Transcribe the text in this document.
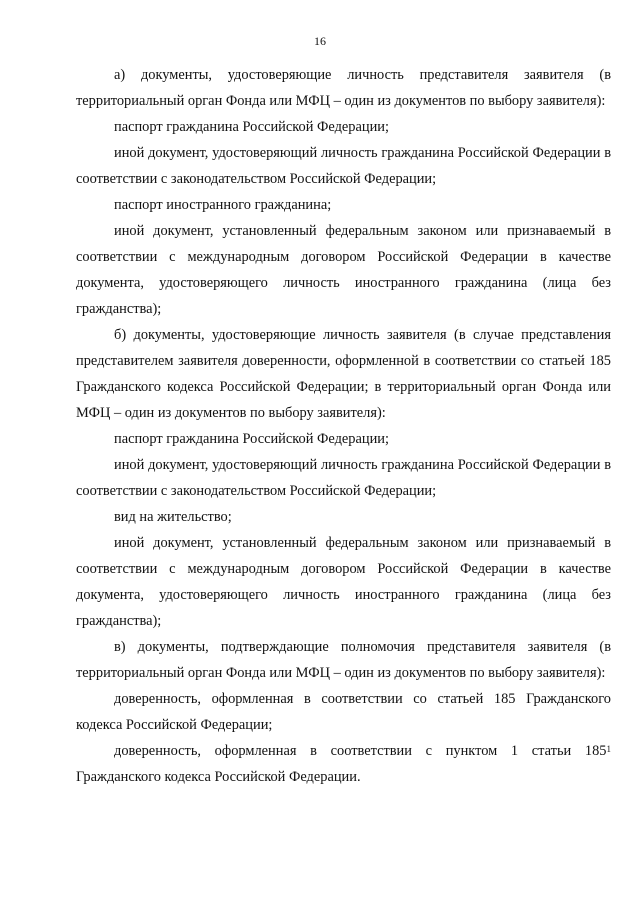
16

а) документы, удостоверяющие личность представителя заявителя (в территориальный орган Фонда или МФЦ – один из документов по выбору заявителя):

паспорт гражданина Российской Федерации;

иной документ, удостоверяющий личность гражданина Российской Федерации в соответствии с законодательством Российской Федерации;

паспорт иностранного гражданина;

иной документ, установленный федеральным законом или признаваемый в соответствии с международным договором Российской Федерации в качестве документа, удостоверяющего личность иностранного гражданина (лица без гражданства);

б) документы, удостоверяющие личность заявителя (в случае представления представителем заявителя доверенности, оформленной в соответствии со статьей 185 Гражданского кодекса Российской Федерации; в территориальный орган Фонда или МФЦ – один из документов по выбору заявителя):

паспорт гражданина Российской Федерации;

иной документ, удостоверяющий личность гражданина Российской Федерации в соответствии с законодательством Российской Федерации;

вид на жительство;

иной документ, установленный федеральным законом или признаваемый в соответствии с международным договором Российской Федерации в качестве документа, удостоверяющего личность иностранного гражданина (лица без гражданства);

в) документы, подтверждающие полномочия представителя заявителя (в территориальный орган Фонда или МФЦ – один из документов по выбору заявителя):

доверенность, оформленная в соответствии со статьей 185 Гражданского кодекса Российской Федерации;

доверенность, оформленная в соответствии с пунктом 1 статьи $185^1$ Гражданского кодекса Российской Федерации.
